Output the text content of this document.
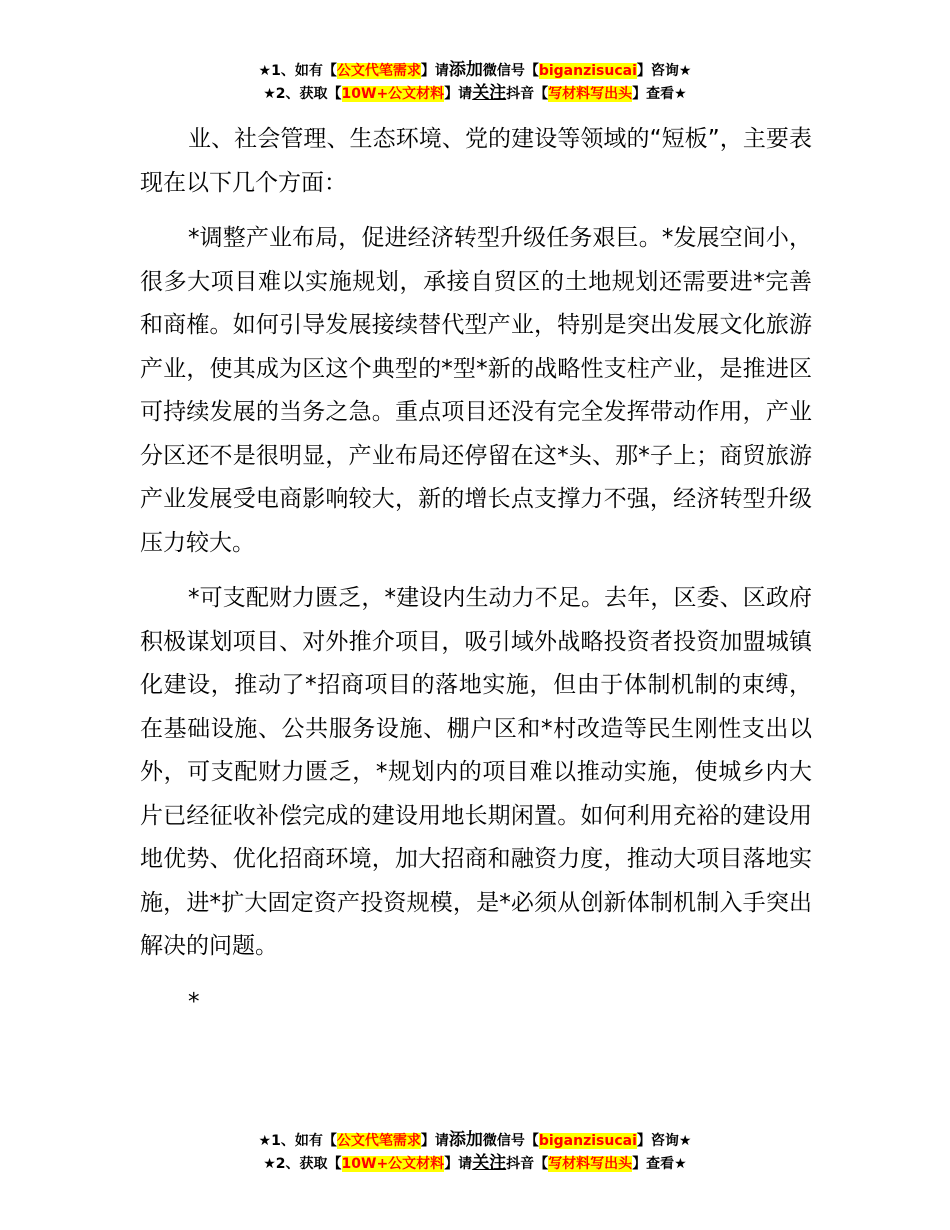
★1、如有【公文代笔需求】请添加微信号【biganzisucai】咨询★
★2、获取【10W+公文材料】请关注抖音【写材料写出头】查看★

业、社会管理、生态环境、党的建设等领域的“短板”，主要表现在以下几个方面：

*调整产业布局，促进经济转型升级任务艰巨。*发展空间小，很多大项目难以实施规划，承接自贸区的土地规划还需要进*完善和商榷。如何引导发展接续替代型产业，特别是突出发展文化旅游产业，使其成为区这个典型的*型*新的战略性支柱产业，是推进区可持续发展的当务之急。重点项目还没有完全发挥带动作用，产业分区还不是很明显，产业布局还停留在这*头、那*子上；商贸旅游产业发展受电商影响较大，新的增长点支撑力不强，经济转型升级压力较大。

*可支配财力匮乏，*建设内生动力不足。去年，区委、区政府积极谋划项目、对外推介项目，吸引域外战略投资者投资加盟城镇化建设，推动了*招商项目的落地实施，但由于体制机制的束缚，在基础设施、公共服务设施、棚户区和*村改造等民生刚性支出以外，可支配财力匮乏，*规划内的项目难以推动实施，使城乡内大片已经征收补偿完成的建设用地长期闲置。如何利用充裕的建设用地优势、优化招商环境，加大招商和融资力度，推动大项目落地实施，进*扩大固定资产投资规模，是*必须从创新体制机制入手突出解决的问题。

*

★1、如有【公文代笔需求】请添加微信号【biganzisucai】咨询★
★2、获取【10W+公文材料】请关注抖音【写材料写出头】查看★
